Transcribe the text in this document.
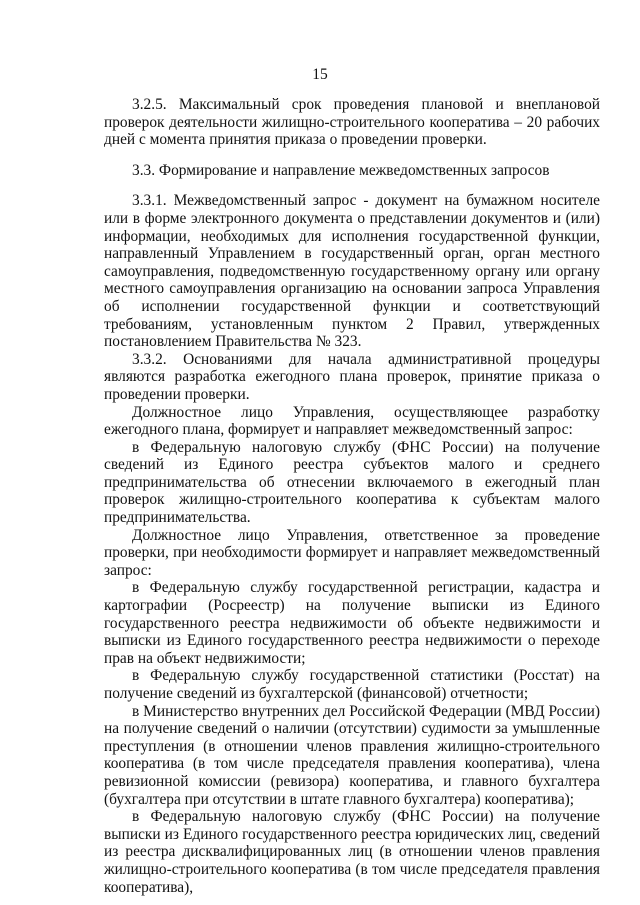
15

3.2.5. Максимальный срок проведения плановой и внеплановой проверок деятельности жилищно-строительного кооператива – 20 рабочих дней с момента принятия приказа о проведении проверки.

3.3. Формирование и направление межведомственных запросов

3.3.1. Межведомственный запрос - документ на бумажном носителе или в форме электронного документа о представлении документов и (или) информации, необходимых для исполнения государственной функции, направленный Управлением в государственный орган, орган местного самоуправления, подведомственную государственному органу или органу местного самоуправления организацию на основании запроса Управления об исполнении государственной функции и соответствующий требованиям, установленным пунктом 2 Правил, утвержденных постановлением Правительства № 323.

3.3.2. Основаниями для начала административной процедуры являются разработка ежегодного плана проверок, принятие приказа о проведении проверки.

Должностное лицо Управления, осуществляющее разработку ежегодного плана, формирует и направляет межведомственный запрос:

в Федеральную налоговую службу (ФНС России) на получение сведений из Единого реестра субъектов малого и среднего предпринимательства об отнесении включаемого в ежегодный план проверок жилищно-строительного кооператива к субъектам малого предпринимательства.

Должностное лицо Управления, ответственное за проведение проверки, при необходимости формирует и направляет межведомственный запрос:

в Федеральную службу государственной регистрации, кадастра и картографии (Росреестр) на получение выписки из Единого государственного реестра недвижимости об объекте недвижимости и выписки из Единого государственного реестра недвижимости о переходе прав на объект недвижимости;

в Федеральную службу государственной статистики (Росстат) на получение сведений из бухгалтерской (финансовой) отчетности;

в Министерство внутренних дел Российской Федерации (МВД России) на получение сведений о наличии (отсутствии) судимости за умышленные преступления (в отношении членов правления жилищно-строительного кооператива (в том числе председателя правления кооператива), члена ревизионной комиссии (ревизора) кооператива, и главного бухгалтера (бухгалтера при отсутствии в штате главного бухгалтера) кооператива);

в Федеральную налоговую службу (ФНС России) на получение выписки из Единого государственного реестра юридических лиц, сведений из реестра дисквалифицированных лиц (в отношении членов правления жилищно-строительного кооператива (в том числе председателя правления кооператива),
